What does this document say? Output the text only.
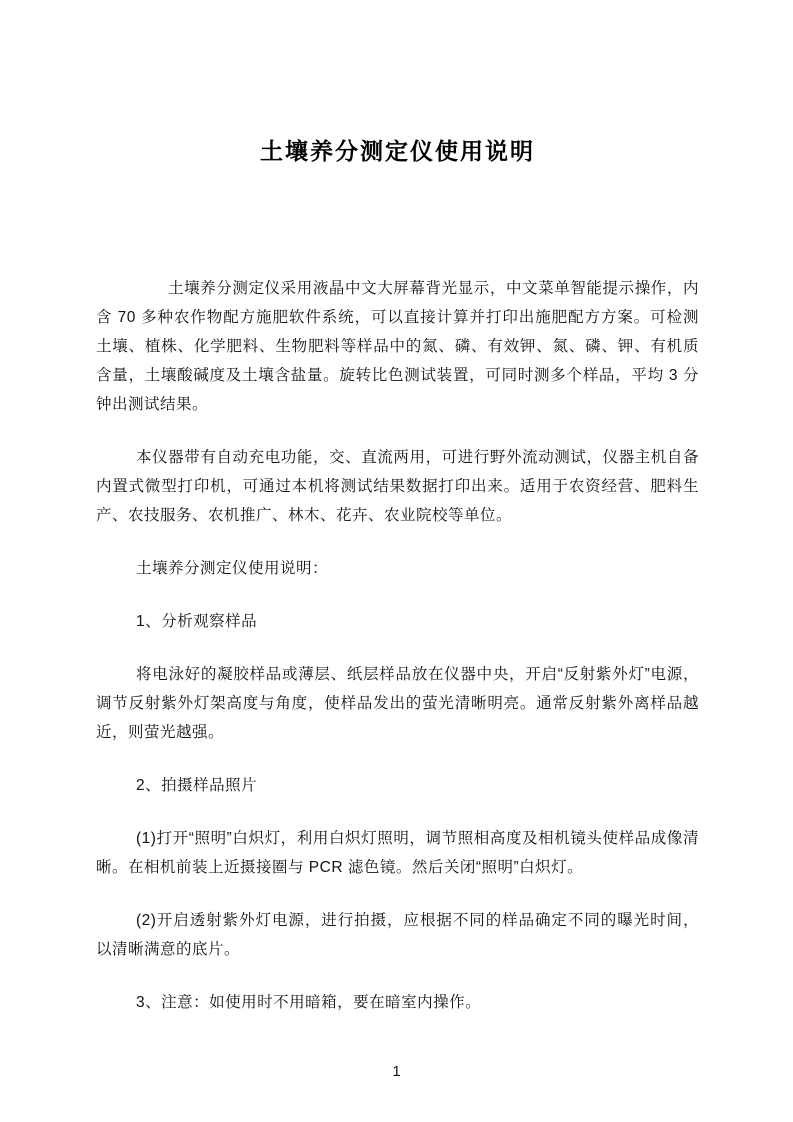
土壤养分测定仪使用说明

土壤养分测定仪采用液晶中文大屏幕背光显示，中文菜单智能提示操作，内含 70 多种农作物配方施肥软件系统，可以直接计算并打印出施肥配方方案。可检测土壤、植株、化学肥料、生物肥料等样品中的氮、磷、有效钾、氮、磷、钾、有机质含量，土壤酸碱度及土壤含盐量。旋转比色测试装置，可同时测多个样品，平均 3 分钟出测试结果。

本仪器带有自动充电功能，交、直流两用，可进行野外流动测试，仪器主机自备内置式微型打印机，可通过本机将测试结果数据打印出来。适用于农资经营、肥料生产、农技服务、农机推广、林木、花卉、农业院校等单位。

土壤养分测定仪使用说明：

1、分析观察样品

将电泳好的凝胶样品或薄层、纸层样品放在仪器中央，开启“反射紫外灯”电源，调节反射紫外灯架高度与角度，使样品发出的萤光清晰明亮。通常反射紫外离样品越近，则萤光越强。

2、拍摄样品照片

(1)打开“照明”白炽灯，利用白炽灯照明，调节照相高度及相机镜头使样品成像清晰。在相机前装上近摄接圈与 PCR 滤色镜。然后关闭“照明”白炽灯。

(2)开启透射紫外灯电源，进行拍摄，应根据不同的样品确定不同的曝光时间，以清晰满意的底片。

3、注意：如使用时不用暗箱，要在暗室内操作。

1
